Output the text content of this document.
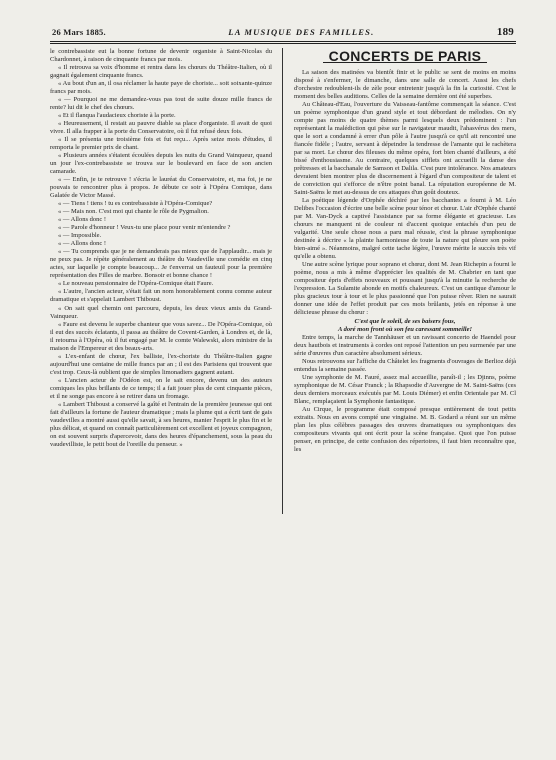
26 Mars 1885.	LA MUSIQUE DES FAMILLES.	189

le contrebassiste eut la bonne fortune de devenir organiste à Saint-Nicolas du Chardonnet, à raison de cinquante francs par mois.

« Il retrouva sa voix d'homme et rentra dans les chœurs du Théâtre-Italien, où il gagnait également cinquante francs.

« Au bout d'un an, il osa réclamer la haute paye de choriste... soit soixante-quinze francs par mois.

« — Pourquoi ne me demandez-vous pas tout de suite douze mille francs de rente? lui dit le chef des chœurs.

« Et il flanqua l'audacieux choriste à la porte.

« Heureusement, il restait au pauvre diable sa place d'organiste. Il avait de quoi vivre. Il alla frapper à la porte du Conservatoire, où il fut refusé deux fois.

« Il se présenta une troisième fois et fut reçu... Après seize mois d'études, il remporta le premier prix de chant.

« Plusieurs années s'étaient écoulées depuis les nuits du Grand Vainqueur, quand un jour l'ex-contrebassiste se trouva sur le boulevard en face de son ancien camarade.

« — Enfin, je te retrouve ! s'écria le lauréat du Conservatoire, et, ma foi, je ne pouvais te rencontrer plus à propos. Je débute ce soir à l'Opéra Comique, dans Galatée de Victor Massé.

« — Tiens ! tiens ! tu es contrebassiste à l'Opéra-Comique?

« — Mais non. C'est moi qui chante le rôle de Pygmalion.

« — Allons donc !

« — Parole d'honneur ! Veux-tu une place pour venir m'entendre ?

« — Impossible.

« — Allons donc !

« — Tu comprends que je ne demanderais pas mieux que de l'applaudir... mais je ne peux pas. Je répète généralement au théâtre du Vaudeville une comédie en cinq actes, sur laquelle je compte beaucoup... Je t'enverrai un fauteuil pour la première représentation des Filles de marbre. Bonsoir et bonne chance !

« Le nouveau pensionnaire de l'Opéra-Comique était Faure.

« L'autre, l'ancien acteur, s'était fait un nom honorablement connu comme auteur dramatique et s'appelait Lambert Thiboust.

« On sait quel chemin ont parcouru, depuis, les deux vieux amis du Grand-Vainqueur.

« Faure est devenu le superbe chanteur que vous savez... De l'Opéra-Comique, où il eut des succès éclatants, il passa au théâtre de Covent-Garden, à Londres et, de là, il retourna à l'Opéra, où il fut engagé par M. le comte Walewski, alors ministre de la maison de l'Empereur et des beaux-arts.

« L'ex-enfant de chœur, l'ex balliste, l'ex-choriste du Théâtre-Italien gagne aujourd'hui une centaine de mille francs par an ; il est des Parisiens qui trouvent que c'est trop. Ceux-là oublient que de simples limonadiers gagnent autant.

« L'ancien acteur de l'Odéon est, on le sait encore, devenu un des auteurs comiques les plus brillants de ce temps; il a fait jouer plus de cent cinquante pièces, et il ne songe pas encore à se retirer dans un fromage.

« Lambert Thiboust a conservé la gaîté et l'entrain de la première jeunesse qui ont fait d'ailleurs la fortune de l'auteur dramatique ; mais la plume qui a écrit tant de gais vaudevilles a montré aussi qu'elle savait, à ses heures, manier l'esprit le plus fin et le plus délicat, et quand on connaît particulièrement cet excellent et joyeux compagnon, on est souvent surpris d'apercevoir, dans des heures d'épanchement, sous la peau du vaudevilliste, le petit bout de l'oreille du penseur. »

CONCERTS DE PARIS

La saison des matinées va bientôt finir et le public se sent de moins en moins disposé à s'enfermer, le dimanche, dans une salle de concert. Aussi les chefs d'orchestre redoublent-ils de zèle pour entretenir jusqu'à la fin la curiosité. C'est le moment des belles auditions. Celles de la semaine dernière ont été superbes.

Au Château-d'Eau, l'ouverture du Vaisseau-fantôme commençait la séance. C'est un poème symphonique d'un grand style et tout débordant de mélodies. On n'y compte pas moins de quatre thèmes parmi lesquels deux prédominent : l'un représentant la malédiction qui pèse sur le navigateur maudit, l'ahasvérus des mers, que le sort a condamné à errer d'un pôle à l'autre jusqu'à ce qu'il ait rencontré une fiancée fidèle ; l'autre, servant à dépeindre la tendresse de l'amante qui le rachètera par sa mort. Le chœur des fileuses du même opéra, fort bien chanté d'ailleurs, a été bissé d'enthousiasme. Au contraire, quelques sifflets ont accueilli la danse des prêtresses et la bacchanale de Samson et Dalila. C'est pure intolérance. Nos amateurs devraient bien montrer plus de discernement à l'égard d'un compositeur de talent et de conviction qui s'efforce de n'être point banal. La réputation européenne de M. Saint-Saëns le met au-dessus de ces attaques d'un goût douteux.

La poétique légende d'Orphée déchiré par les bacchantes a fourni à M. Léo Delibes l'occasion d'écrire une belle scène pour ténor et chœur. L'air d'Orphée chanté par M. Van-Dyck a captivé l'assistance par sa forme élégante et gracieuse. Les chœurs ne manquent ni de couleur ni d'accent quoique entachés d'un peu de vulgarité. Une seule chose nous a paru mal réussie, c'est la phrase symphonique destinée à décrire « la plainte harmonieuse de toute la nature qui pleure son poète bien-aimé ». Néanmoins, malgré cette tache légère, l'œuvre mérite le succès très vif qu'elle a obtenu.

Une autre scène lyrique pour soprano et chœur, dont M. Jean Richepin a fourni le poème, nous a mis à même d'apprécier les qualités de M. Chabrier en tant que compositeur épris d'effets nouveaux et poussant jusqu'à la minutie la recherche de l'expression. La Sulamite abonde en motifs chaleureux. C'est un cantique d'amour le plus gracieux tour à tour et le plus passionné que l'on puisse rêver. Rien ne saurait donner une idée de l'effet produit par ces mots brûlants, jetés en réponse à une délicieuse phrase du chœur :

C'est que le soleil, de ses baisers fous,

A doré mon front où son feu caressant sommeille!

Entre temps, la marche de Tannhäuser et un ravissant concerto de Haendel pour deux hautbois et instruments à cordes ont reposé l'attention un peu surmenée par une série d'œuvres d'un caractère absolument sérieux.

Nous retrouvons sur l'affiche du Châtelet les fragments d'ouvrages de Berlioz déjà entendus la semaine passée.

Une symphonie de M. Fauré, assez mal accueillie, paraît-il ; les Djinns, poème symphonique de M. César Franck ; la Rhapsodie d'Auvergne de M. Saint-Saëns (ces deux derniers morceaux exécutés par M. Louis Diémer) et enfin Orientale par M. Cl Blanc, remplaçaient la Symphonie fantastique.

Au Cirque, le programme était composé presque entièrement de tout petits extraits. Nous en avons compté une vingtaine. M. B. Godard a réuni sur un même plan les plus célèbres passages des œuvres dramatiques ou symphoniques des compositeurs vivants qui ont écrit pour la scène française. Quoi que l'on puisse penser, en principe, de cette confusion des répertoires, il faut bien reconnaître que, les
